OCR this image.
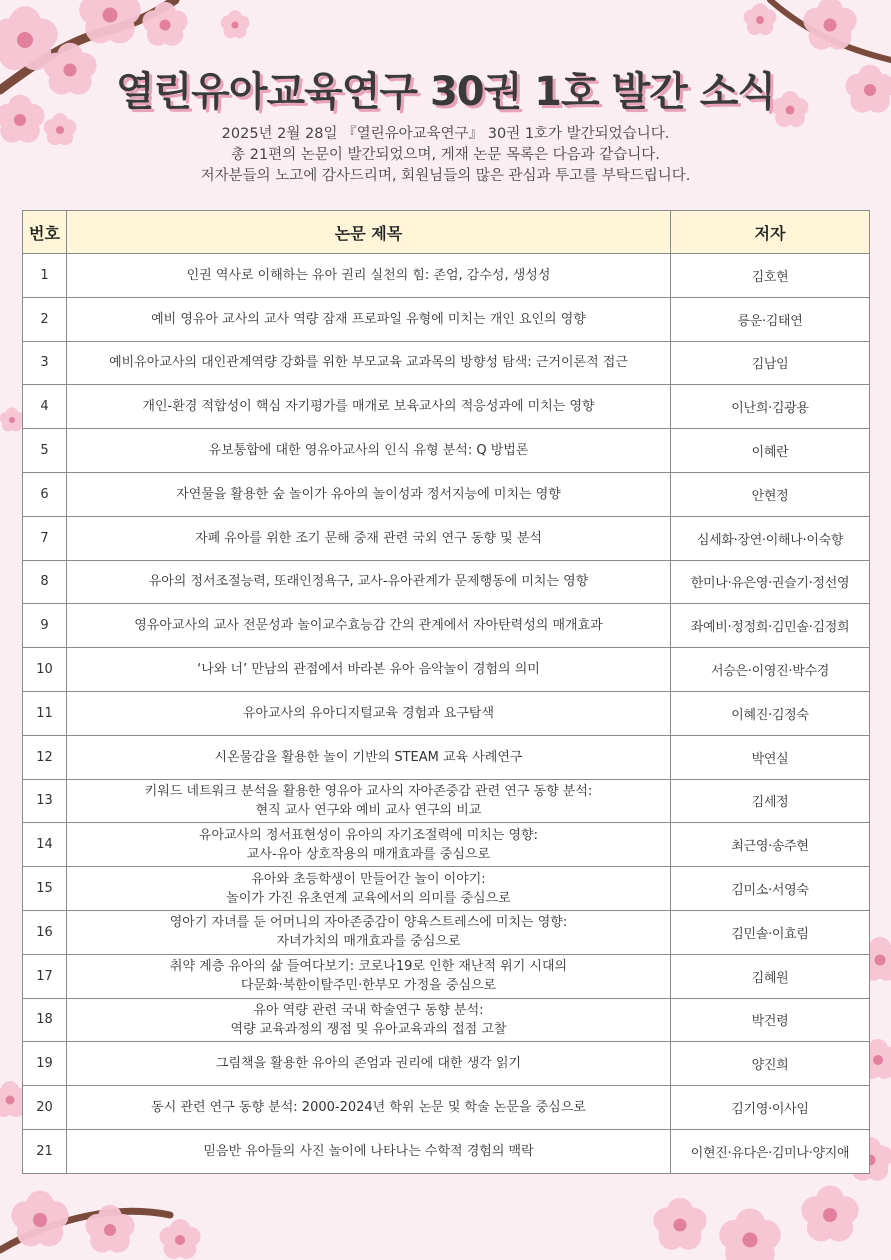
열린유아교육연구 30권 1호 발간 소식
2025년 2월 28일 『열린유아교육연구』 30권 1호가 발간되었습니다.
총 21편의 논문이 발간되었으며, 게재 논문 목록은 다음과 같습니다.
저자분들의 노고에 감사드리며, 회원님들의 많은 관심과 투고를 부탁드립니다.
번호	논문 제목	저자
1	인권 역사로 이해하는 유아 권리 실천의 힘: 존엄, 감수성, 생성성	김호현
2	예비 영유아 교사의 교사 역량 잠재 프로파일 유형에 미치는 개인 요인의 영향	릉운·김태연
3	예비유아교사의 대인관계역량 강화를 위한 부모교육 교과목의 방향성 탐색: 근거이론적 접근	김남임
4	개인-환경 적합성이 핵심 자기평가를 매개로 보육교사의 적응성과에 미치는 영향	이난희·김광용
5	유보통합에 대한 영유아교사의 인식 유형 분석: Q 방법론	이혜란
6	자연물을 활용한 숲 놀이가 유아의 놀이성과 정서지능에 미치는 영향	안현정
7	자폐 유아를 위한 조기 문해 중재 관련 국외 연구 동향 및 분석	심세화·장연·이해나·이숙향
8	유아의 정서조절능력, 또래인정욕구, 교사-유아관계가 문제행동에 미치는 영향	한미나·유은영·권슬기·정선영
9	영유아교사의 교사 전문성과 놀이교수효능감 간의 관계에서 자아탄력성의 매개효과	좌예비·정정희·김민솔·김정희
10	‘나와 너’ 만남의 관점에서 바라본 유아 음악놀이 경험의 의미	서승은·이영진·박수경
11	유아교사의 유아디지털교육 경험과 요구탐색	이혜진·김정숙
12	시온물감을 활용한 놀이 기반의 STEAM 교육 사례연구	박연실
13	키워드 네트워크 분석을 활용한 영유아 교사의 자아존중감 관련 연구 동향 분석:
현직 교사 연구와 예비 교사 연구의 비교	김세정
14	유아교사의 정서표현성이 유아의 자기조절력에 미치는 영향:
교사-유아 상호작용의 매개효과를 중심으로	최근영·송주현
15	유아와 초등학생이 만들어간 놀이 이야기:
놀이가 가진 유초연계 교육에서의 의미를 중심으로	김미소·서영숙
16	영아기 자녀를 둔 어머니의 자아존중감이 양육스트레스에 미치는 영향:
자녀가치의 매개효과를 중심으로	김민솔·이효림
17	취약 계층 유아의 삶 들여다보기: 코로나19로 인한 재난적 위기 시대의
다문화·북한이탈주민·한부모 가정을 중심으로	김혜원
18	유아 역량 관련 국내 학술연구 동향 분석:
역량 교육과정의 쟁점 및 유아교육과의 접점 고찰	박건령
19	그림책을 활용한 유아의 존엄과 권리에 대한 생각 읽기	양진희
20	동시 관련 연구 동향 분석: 2000-2024년 학위 논문 및 학술 논문을 중심으로	김기영·이사임
21	믿음반 유아들의 사진 놀이에 나타나는 수학적 경험의 맥락	이현진·유다은·김미나·양지애
